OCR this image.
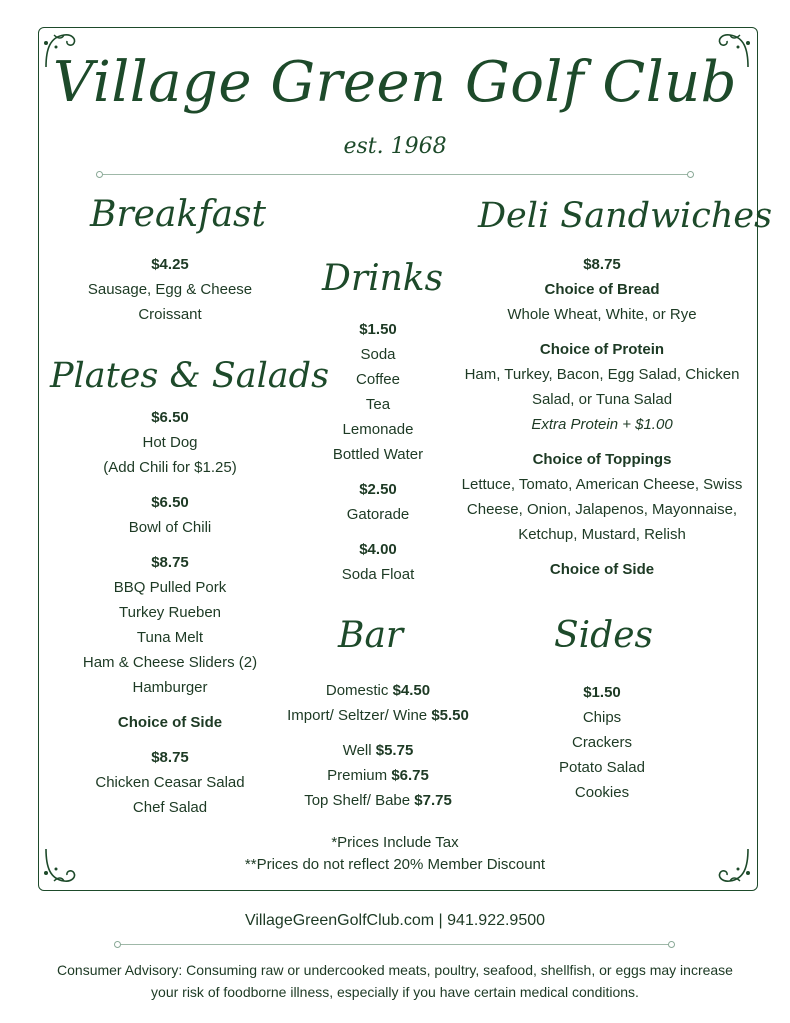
Village Green Golf Club
est. 1968
Breakfast
$4.25
Sausage, Egg & Cheese
Croissant
Plates & Salads
$6.50
Hot Dog
(Add Chili for $1.25)
$6.50
Bowl of Chili
$8.75
BBQ Pulled Pork
Turkey Rueben
Tuna Melt
Ham & Cheese Sliders (2)
Hamburger
Choice of Side
$8.75
Chicken Ceasar Salad
Chef Salad
Drinks
$1.50
Soda
Coffee
Tea
Lemonade
Bottled Water
$2.50
Gatorade
$4.00
Soda Float
Bar
Domestic $4.50
Import/ Seltzer/ Wine $5.50
Well $5.75
Premium $6.75
Top Shelf/ Babe $7.75
Deli Sandwiches
$8.75
Choice of Bread
Whole Wheat, White, or Rye
Choice of Protein
Ham, Turkey, Bacon, Egg Salad, Chicken
Salad, or Tuna Salad
Extra Protein + $1.00
Choice of Toppings
Lettuce, Tomato, American Cheese, Swiss
Cheese, Onion, Jalapenos, Mayonnaise,
Ketchup, Mustard, Relish
Choice of Side
Sides
$1.50
Chips
Crackers
Potato Salad
Cookies
*Prices Include Tax
**Prices do not reflect 20% Member Discount
VillageGreenGolfClub.com | 941.922.9500
Consumer Advisory: Consuming raw or undercooked meats, poultry, seafood, shellfish, or eggs may increase
your risk of foodborne illness, especially if you have certain medical conditions.
